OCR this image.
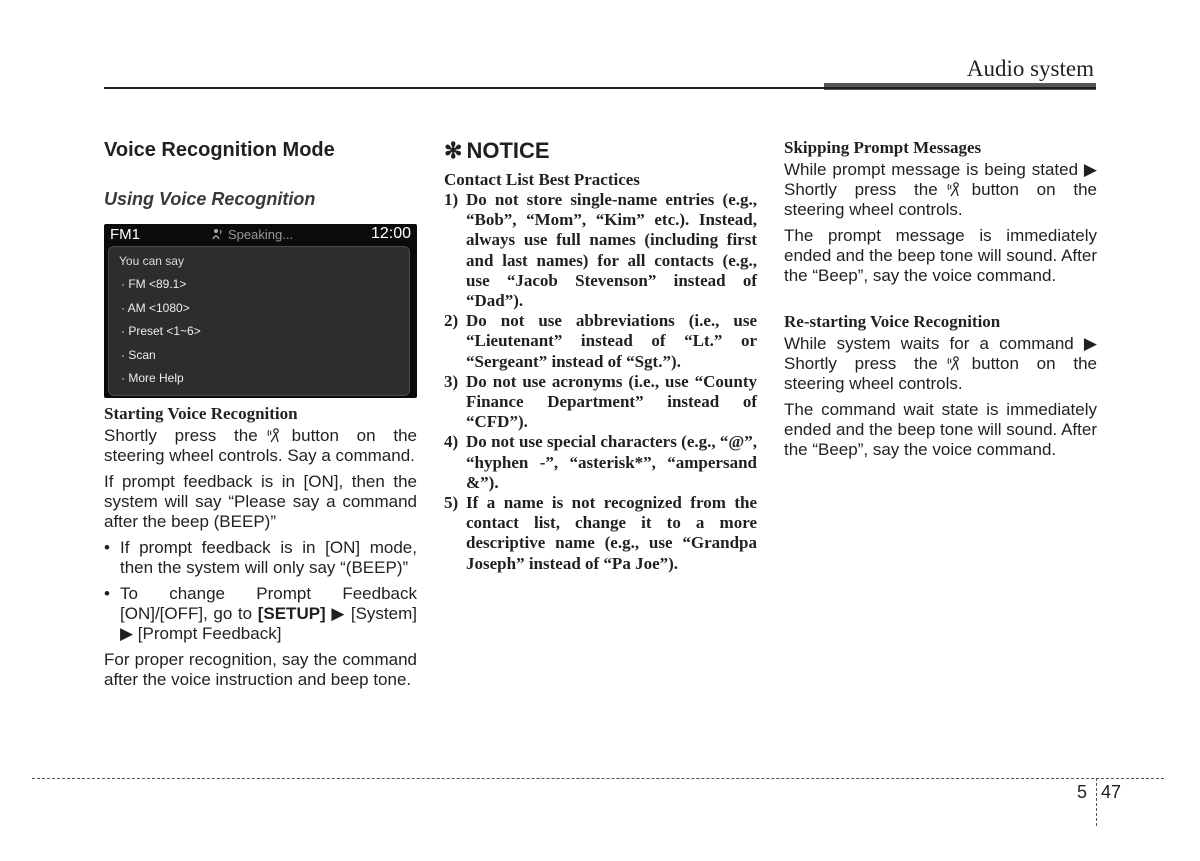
Audio system
Voice Recognition Mode
Using Voice Recognition
FM1	Speaking...	12:00
You can say
· FM <89.1>
· AM <1080>
· Preset <1~6>
· Scan
· More Help
Starting Voice Recognition
Shortly press the button on the steering wheel controls. Say a command.
If prompt feedback is in [ON], then the system will say “Please say a command after the beep (BEEP)”
• If prompt feedback is in [ON] mode, then the system will only say “(BEEP)”
• To change Prompt Feedback [ON]/[OFF], go to [SETUP] ▶ [System] ▶ [Prompt Feedback]
For proper recognition, say the command after the voice instruction and beep tone.
✻ NOTICE
Contact List Best Practices
1) Do not store single-name entries (e.g., “Bob”, “Mom”, “Kim” etc.). Instead, always use full names (including first and last names) for all contacts (e.g., use “Jacob Stevenson” instead of “Dad”).
2) Do not use abbreviations (i.e., use “Lieutenant” instead of “Lt.” or “Sergeant” instead of “Sgt.”).
3) Do not use acronyms (i.e., use “County Finance Department” instead of “CFD”).
4) Do not use special characters (e.g., “@”, “hyphen -”, “asterisk*”, “ampersand &”).
5) If a name is not recognized from the contact list, change it to a more descriptive name (e.g., use “Grandpa Joseph” instead of “Pa Joe”).
Skipping Prompt Messages
While prompt message is being stated ▶ Shortly press the button on the steering wheel controls.
The prompt message is immediately ended and the beep tone will sound. After the “Beep”, say the voice command.
Re-starting Voice Recognition
While system waits for a command ▶ Shortly press the button on the steering wheel controls.
The command wait state is immediately ended and the beep tone will sound. After the “Beep”, say the voice command.
5 47
